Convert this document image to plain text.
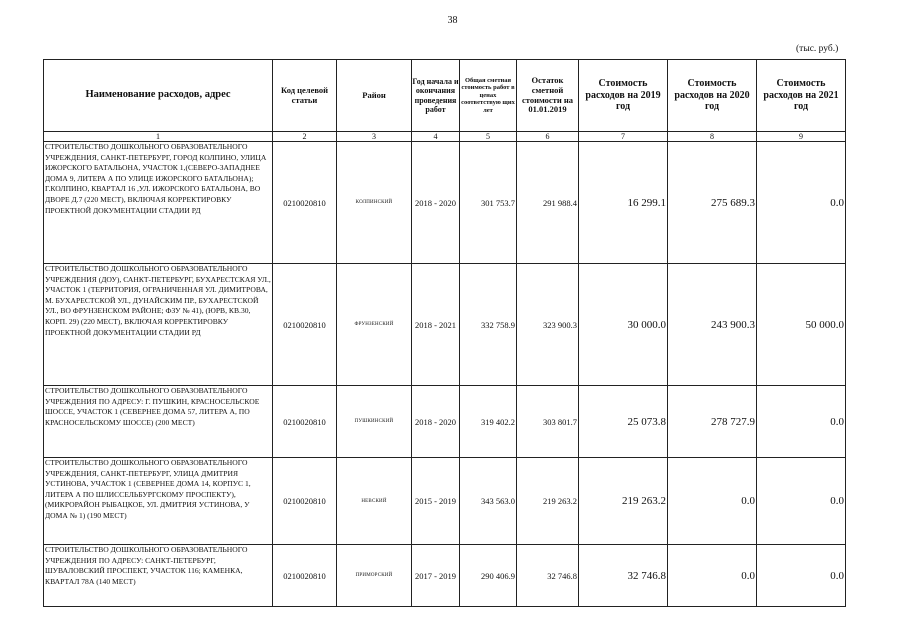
38
(тыс. руб.)
Наименование расходов, адрес	Код целевой статьи	Район	Год начала и окончания проведения работ	Общая сметная стоимость работ в ценах соответствую щих лет	Остаток сметной стоимости на 01.01.2019	Стоимость расходов на 2019 год	Стоимость расходов на 2020 год	Стоимость расходов на 2021 год
1	2	3	4	5	6	7	8	9
СТРОИТЕЛЬСТВО ДОШКОЛЬНОГО ОБРАЗОВАТЕЛЬНОГО УЧРЕЖДЕНИЯ, САНКТ-ПЕТЕРБУРГ, ГОРОД КОЛПИНО, УЛИЦА ИЖОРСКОГО БАТАЛЬОНА, УЧАСТОК 1,(СЕВЕРО-ЗАПАДНЕЕ ДОМА 9, ЛИТЕРА А ПО УЛИЦЕ ИЖОРСКОГО БАТАЛЬОНА); Г.КОЛПИНО, КВАРТАЛ 16 ,УЛ. ИЖОРСКОГО БАТАЛЬОНА, ВО ДВОРЕ Д.7 (220 МЕСТ), ВКЛЮЧАЯ КОРРЕКТИРОВКУ ПРОЕКТНОЙ ДОКУМЕНТАЦИИ СТАДИИ РД	0210020810	КОЛПИНСКИЙ	2018 - 2020	301 753.7	291 988.4	16 299.1	275 689.3	0.0
СТРОИТЕЛЬСТВО ДОШКОЛЬНОГО ОБРАЗОВАТЕЛЬНОГО УЧРЕЖДЕНИЯ (ДОУ), САНКТ-ПЕТЕРБУРГ, БУХАРЕСТСКАЯ УЛ., УЧАСТОК 1 (ТЕРРИТОРИЯ, ОГРАНИЧЕННАЯ УЛ. ДИМИТРОВА, М. БУХАРЕСТСКОЙ УЛ., ДУНАЙСКИМ ПР., БУХАРЕСТСКОЙ УЛ., ВО ФРУНЗЕНСКОМ РАЙОНЕ; ФЗУ № 41), (ЮРВ, КВ.30, КОРП. 29) (220 МЕСТ), ВКЛЮЧАЯ КОРРЕКТИРОВКУ ПРОЕКТНОЙ ДОКУМЕНТАЦИИ СТАДИИ РД	0210020810	ФРУНЗЕНСКИЙ	2018 - 2021	332 758.9	323 900.3	30 000.0	243 900.3	50 000.0
СТРОИТЕЛЬСТВО ДОШКОЛЬНОГО ОБРАЗОВАТЕЛЬНОГО УЧРЕЖДЕНИЯ ПО АДРЕСУ: Г. ПУШКИН, КРАСНОСЕЛЬСКОЕ ШОССЕ, УЧАСТОК 1 (СЕВЕРНЕЕ ДОМА 57, ЛИТЕРА А, ПО КРАСНОСЕЛЬСКОМУ ШОССЕ) (200 МЕСТ)	0210020810	ПУШКИНСКИЙ	2018 - 2020	319 402.2	303 801.7	25 073.8	278 727.9	0.0
СТРОИТЕЛЬСТВО ДОШКОЛЬНОГО ОБРАЗОВАТЕЛЬНОГО УЧРЕЖДЕНИЯ, САНКТ-ПЕТЕРБУРГ, УЛИЦА ДМИТРИЯ УСТИНОВА, УЧАСТОК 1 (СЕВЕРНЕЕ ДОМА 14, КОРПУС 1, ЛИТЕРА А ПО ШЛИССЕЛЬБУРГСКОМУ ПРОСПЕКТУ), (МИКРОРАЙОН РЫБАЦКОЕ, УЛ. ДМИТРИЯ УСТИНОВА, У ДОМА № 1) (190 МЕСТ)	0210020810	НЕВСКИЙ	2015 - 2019	343 563.0	219 263.2	219 263.2	0.0	0.0
СТРОИТЕЛЬСТВО ДОШКОЛЬНОГО ОБРАЗОВАТЕЛЬНОГО УЧРЕЖДЕНИЯ ПО АДРЕСУ: САНКТ-ПЕТЕРБУРГ, ШУВАЛОВСКИЙ ПРОСПЕКТ, УЧАСТОК 116; КАМЕНКА, КВАРТАЛ 78А (140 МЕСТ)	0210020810	ПРИМОРСКИЙ	2017 - 2019	290 406.9	32 746.8	32 746.8	0.0	0.0
